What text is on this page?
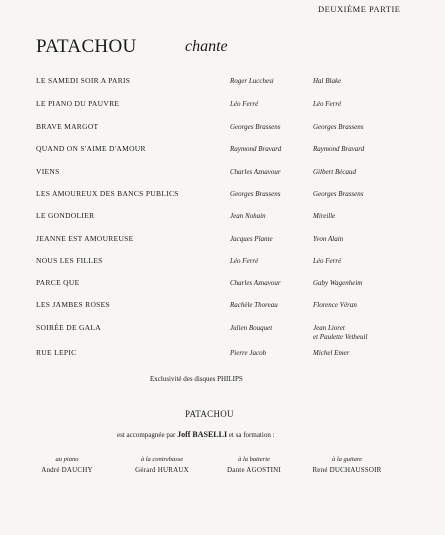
DEUXIÈME PARTIE
PATACHOU	chante
LE SAMEDI SOIR A PARIS	Roger Lucchesi	Hal Blake
LE PIANO DU PAUVRE	Léo Ferré	Léo Ferré
BRAVE MARGOT	Georges Brassens	Georges Brassens
QUAND ON S'AIME D'AMOUR	Raymond Bravard	Raymond Bravard
VIENS	Charles Aznavour	Gilbert Bécaud
LES AMOUREUX DES BANCS PUBLICS	Georges Brassens	Georges Brassens
LE GONDOLIER	Jean Nohain	Mireille
JEANNE EST AMOUREUSE	Jacques Plante	Yvon Alain
NOUS LES FILLES	Léo Ferré	Léo Ferré
PARCE QUE	Charles Aznavour	Gaby Wagenheim
LES JAMBES ROSES	Rachèle Thoreau	Florence Véran
SOIRÉE DE GALA	Julien Bouquet	Jean Lioret
et Paulette Vetheuil
RUE LEPIC	Pierre Jacob	Michel Emer
Exclusivité des disques PHILIPS
PATACHOU
est accompagnée par Joff BASELLI et sa formation :
au piano
André DAUCHY
à la contrebasse
Gérard HURAUX
à la batterie
Dante AGOSTINI
à la guitare
René DUCHAUSSOIR
